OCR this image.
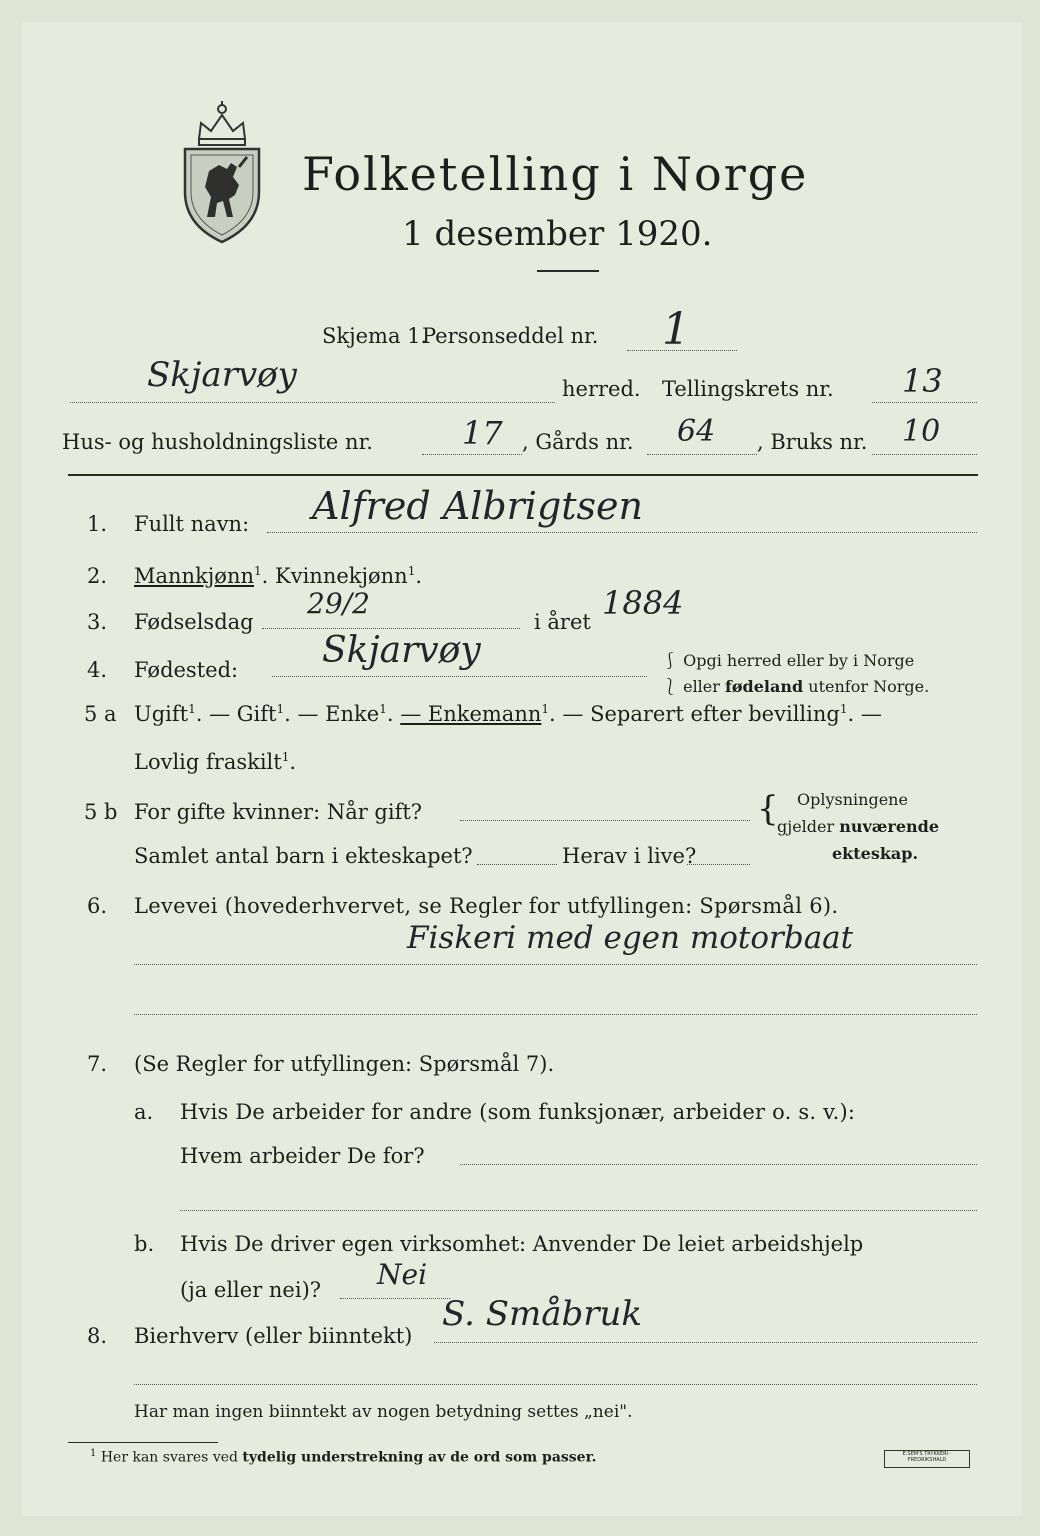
Folketelling i Norge
1 desember 1920.
Skjema 1.
Personseddel nr. 1
Skjarvøy	herred. Tellingskrets nr. 13
Hus- og husholdningsliste nr.	17 , Gårds nr. 64 , Bruks nr. 10
1. Fullt navn: Alfred Albrigtsen
2. Mannkjønn$^1$. Kvinnekjønn$^1$.
3. Fødselsdag
29/2
i året 1884
4. Fødested: Skjarvøy	⎰ Opgi herred eller by i Norge
⎱ eller fødeland utenfor Norge.
5 a Ugift$^1$. — Gift$^1$. — Enke$^1$. — Enkemann$^1$. — Separert efter bevilling$^1$. —
Lovlig fraskilt$^1$.
5 b For gifte kvinner: Når gift?
Samlet antal barn i ekteskapet?	Herav i live?
{ Oplysningene
gjelder nuværende
ekteskap.
6. Levevei (hovederhvervet, se Regler for utfyllingen: Spørsmål 6).
Fiskeri med egen motorbaat
7. (Se Regler for utfyllingen: Spørsmål 7).
a. Hvis De arbeider for andre (som funksjonær, arbeider o. s. v.):
Hvem arbeider De for?
b. Hvis De driver egen virksomhet: Anvender De leiet arbeidshjelp
(ja eller nei)? Nei
8. Bierhverv (eller biinntekt)
S. Småbruk
Har man ingen biinntekt av nogen betydning settes „nei".
$^1$ Her kan svares ved tydelig understrekning av de ord som passer.	E.SEM'S TRYKKERI · FREDRIKSHALD
